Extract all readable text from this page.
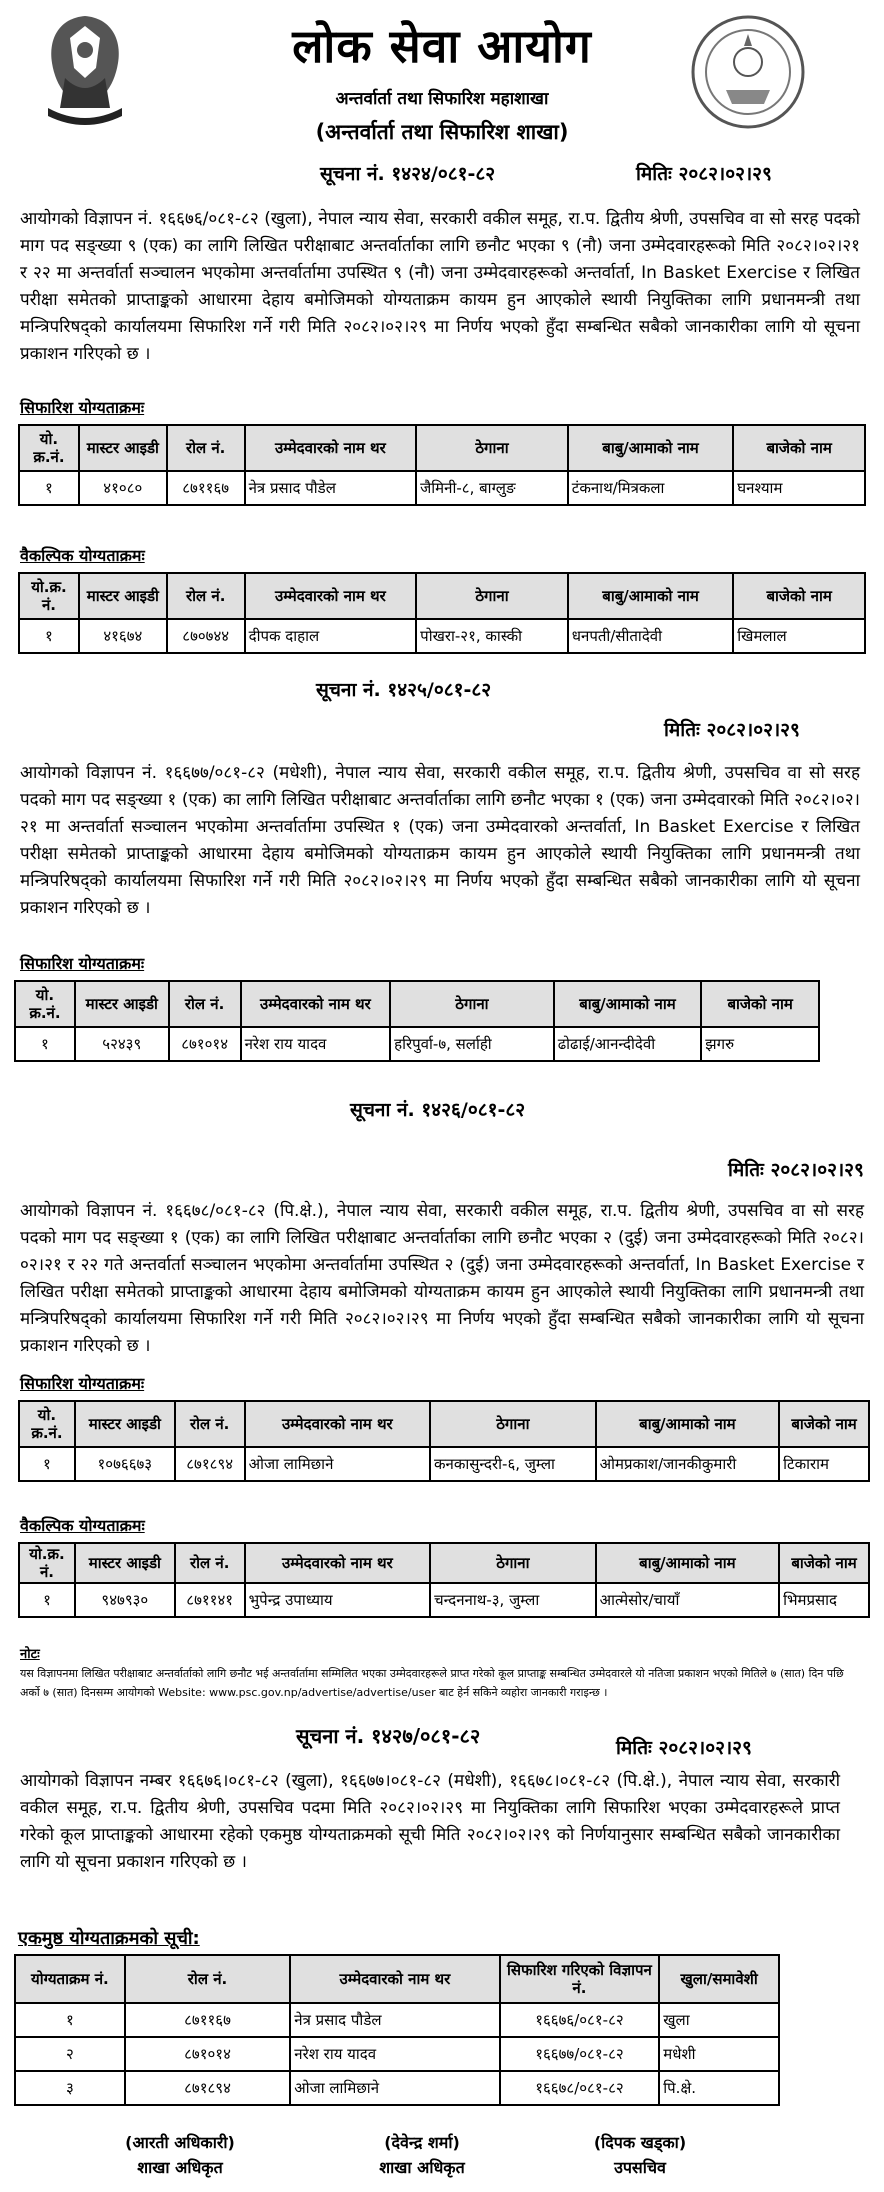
लोक सेवा आयोग
अन्तर्वार्ता तथा सिफारिश महाशाखा
(अन्तर्वार्ता तथा सिफारिश शाखा)
सूचना नं. १४२४/०८१-८२	मितिः २०८२।०२।२९
आयोगको विज्ञापन नं. १६६७६/०८१-८२ (खुला), नेपाल न्याय सेवा, सरकारी वकील समूह, रा.प. द्वितीय श्रेणी, उपसचिव वा सो सरह पदको माग पद सङ्ख्या ९ (एक) का लागि लिखित परीक्षाबाट अन्तर्वार्ताका लागि छनौट भएका ९ (नौ) जना उम्मेदवारहरूको मिति २०८२।०२।२१ र २२ मा अन्तर्वार्ता सञ्चालन भएकोमा अन्तर्वार्तामा उपस्थित ९ (नौ) जना उम्मेदवारहरूको अन्तर्वार्ता, In Basket Exercise र लिखित परीक्षा समेतको प्राप्ताङ्कको आधारमा देहाय बमोजिमको योग्यताक्रम कायम हुन आएकोले स्थायी नियुक्तिका लागि प्रधानमन्त्री तथा मन्त्रिपरिषद्को कार्यालयमा सिफारिश गर्ने गरी मिति २०८२।०२।२९ मा निर्णय भएको हुँदा सम्बन्धित सबैको जानकारीका लागि यो सूचना प्रकाशन गरिएको छ ।
सिफारिश योग्यताक्रमः
यो. क्र.नं.	मास्टर आइडी	रोल नं.	उम्मेदवारको नाम थर	ठेगाना	बाबु/आमाको नाम	बाजेको नाम
१	४१०८०	८७११६७	नेत्र प्रसाद पौडेल	जैमिनी-८, बाग्लुङ	टंकनाथ/मित्रकला	घनश्याम
वैकल्पिक योग्यताक्रमः
यो.क्र. नं.	मास्टर आइडी	रोल नं.	उम्मेदवारको नाम थर	ठेगाना	बाबु/आमाको नाम	बाजेको नाम
१	४१६७४	८७०७४४	दीपक दाहाल	पोखरा-२१, कास्की	धनपती/सीतादेवी	खिमलाल
सूचना नं. १४२५/०८१-८२
मितिः २०८२।०२।२९
आयोगको विज्ञापन नं. १६६७७/०८१-८२ (मधेशी), नेपाल न्याय सेवा, सरकारी वकील समूह, रा.प. द्वितीय श्रेणी, उपसचिव वा सो सरह पदको माग पद सङ्ख्या १ (एक) का लागि लिखित परीक्षाबाट अन्तर्वार्ताका लागि छनौट भएका १ (एक) जना उम्मेदवारको मिति २०८२।०२।२१ मा अन्तर्वार्ता सञ्चालन भएकोमा अन्तर्वार्तामा उपस्थित १ (एक) जना उम्मेदवारको अन्तर्वार्ता, In Basket Exercise र लिखित परीक्षा समेतको प्राप्ताङ्कको आधारमा देहाय बमोजिमको योग्यताक्रम कायम हुन आएकोले स्थायी नियुक्तिका लागि प्रधानमन्त्री तथा मन्त्रिपरिषद्को कार्यालयमा सिफारिश गर्ने गरी मिति २०८२।०२।२९ मा निर्णय भएको हुँदा सम्बन्धित सबैको जानकारीका लागि यो सूचना प्रकाशन गरिएको छ ।
सिफारिश योग्यताक्रमः
यो. क्र.नं.	मास्टर आइडी	रोल नं.	उम्मेदवारको नाम थर	ठेगाना	बाबु/आमाको नाम	बाजेको नाम
१	५२४३९	८७१०१४	नरेश राय यादव	हरिपुर्वा-७, सर्लाही	ढोढाई/आनन्दीदेवी	झगरु
सूचना नं. १४२६/०८१-८२
मितिः २०८२।०२।२९
आयोगको विज्ञापन नं. १६६७८/०८१-८२ (पि.क्षे.), नेपाल न्याय सेवा, सरकारी वकील समूह, रा.प. द्वितीय श्रेणी, उपसचिव वा सो सरह पदको माग पद सङ्ख्या १ (एक) का लागि लिखित परीक्षाबाट अन्तर्वार्ताका लागि छनौट भएका २ (दुई) जना उम्मेदवारहरूको मिति २०८२।०२।२१ र २२ गते अन्तर्वार्ता सञ्चालन भएकोमा अन्तर्वार्तामा उपस्थित २ (दुई) जना उम्मेदवारहरूको अन्तर्वार्ता, In Basket Exercise र लिखित परीक्षा समेतको प्राप्ताङ्कको आधारमा देहाय बमोजिमको योग्यताक्रम कायम हुन आएकोले स्थायी नियुक्तिका लागि प्रधानमन्त्री तथा मन्त्रिपरिषद्को कार्यालयमा सिफारिश गर्ने गरी मिति २०८२।०२।२९ मा निर्णय भएको हुँदा सम्बन्धित सबैको जानकारीका लागि यो सूचना प्रकाशन गरिएको छ ।
सिफारिश योग्यताक्रमः
यो. क्र.नं.	मास्टर आइडी	रोल नं.	उम्मेदवारको नाम थर	ठेगाना	बाबु/आमाको नाम	बाजेको नाम
१	१०७६६७३	८७१८९४	ओजा लामिछाने	कनकासुन्दरी-६, जुम्ला	ओमप्रकाश/जानकीकुमारी	टिकाराम
वैकल्पिक योग्यताक्रमः
यो.क्र. नं.	मास्टर आइडी	रोल नं.	उम्मेदवारको नाम थर	ठेगाना	बाबु/आमाको नाम	बाजेको नाम
१	९४७९३०	८७११४१	भुपेन्द्र उपाध्याय	चन्दननाथ-३, जुम्ला	आत्मेसोर/चायाँ	भिमप्रसाद
नोटः
यस विज्ञापनमा लिखित परीक्षाबाट अन्तर्वार्ताको लागि छनौट भई अन्तर्वार्तामा सम्मिलित भएका उम्मेदवारहरूले प्राप्त गरेको कूल प्राप्ताङ्क सम्बन्धित उम्मेदवारले यो नतिजा प्रकाशन भएको मितिले ७ (सात) दिन पछि अर्को ७ (सात) दिनसम्म आयोगको Website: www.psc.gov.np/advertise/advertise/user बाट हेर्न सकिने व्यहोरा जानकारी गराइन्छ ।
सूचना नं. १४२७/०८१-८२	मितिः २०८२।०२।२९
आयोगको विज्ञापन नम्बर १६६७६।०८१-८२ (खुला), १६६७७।०८१-८२ (मधेशी), १६६७८।०८१-८२ (पि.क्षे.), नेपाल न्याय सेवा, सरकारी वकील समूह, रा.प. द्वितीय श्रेणी, उपसचिव पदमा मिति २०८२।०२।२९ मा नियुक्तिका लागि सिफारिश भएका उम्मेदवारहरूले प्राप्त गरेको कूल प्राप्ताङ्कको आधारमा रहेको एकमुष्ठ योग्यताक्रमको सूची मिति २०८२।०२।२९ को निर्णयानुसार सम्बन्धित सबैको जानकारीका लागि यो सूचना प्रकाशन गरिएको छ ।
एकमुष्ठ योग्यताक्रमको सूची:
योग्यताक्रम नं.	रोल नं.	उम्मेदवारको नाम थर	सिफारिश गरिएको विज्ञापन नं.	खुला/समावेशी
१	८७११६७	नेत्र प्रसाद पौडेल	१६६७६/०८१-८२	खुला
२	८७१०१४	नरेश राय यादव	१६६७७/०८१-८२	मधेशी
३	८७१८९४	ओजा लामिछाने	१६६७८/०८१-८२	पि.क्षे.
(आरती अधिकारी)
शाखा अधिकृत
(देवेन्द्र शर्मा)
शाखा अधिकृत
(दिपक खड्का)
उपसचिव
